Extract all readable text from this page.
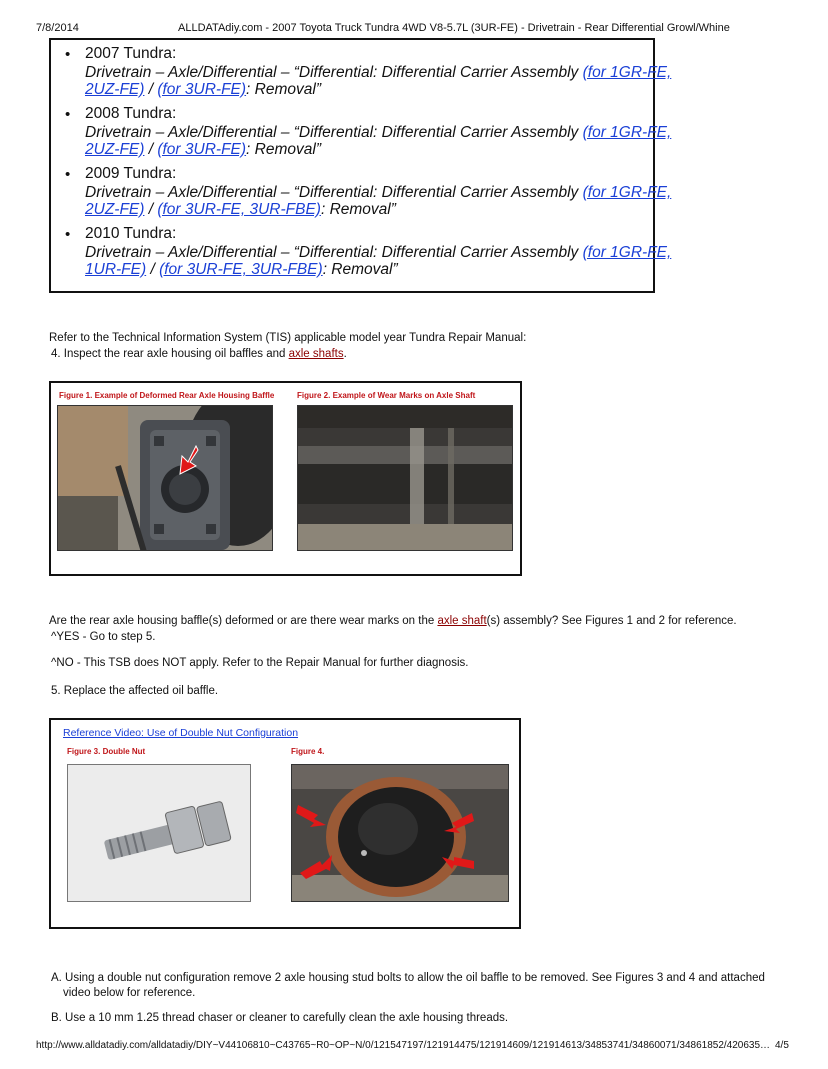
7/8/2014	ALLDATAdiy.com - 2007 Toyota Truck Tundra 4WD V8-5.7L (3UR-FE) - Drivetrain - Rear Differential Growl/Whine
• 2007 Tundra:
Drivetrain – Axle/Differential – “Differential: Differential Carrier Assembly (for 1GR-FE,
2UZ-FE) / (for 3UR-FE): Removal”
• 2008 Tundra:
Drivetrain – Axle/Differential – “Differential: Differential Carrier Assembly (for 1GR-FE,
2UZ-FE) / (for 3UR-FE): Removal”
• 2009 Tundra:
Drivetrain – Axle/Differential – “Differential: Differential Carrier Assembly (for 1GR-FE,
2UZ-FE) / (for 3UR-FE, 3UR-FBE): Removal”
• 2010 Tundra:
Drivetrain – Axle/Differential – “Differential: Differential Carrier Assembly (for 1GR-FE,
1UR-FE) / (for 3UR-FE, 3UR-FBE): Removal”
Refer to the Technical Information System (TIS) applicable model year Tundra Repair Manual:
4. Inspect the rear axle housing oil baffles and axle shafts.
Figure 1. Example of Deformed Rear Axle Housing Baffle	Figure 2. Example of Wear Marks on Axle Shaft
Are the rear axle housing baffle(s) deformed or are there wear marks on the axle shaft(s) assembly? See Figures 1 and 2 for reference.
^YES - Go to step 5.
^NO - This TSB does NOT apply. Refer to the Repair Manual for further diagnosis.
5. Replace the affected oil baffle.
Reference Video: Use of Double Nut Configuration
Figure 3. Double Nut	Figure 4.
A. Using a double nut configuration remove 2 axle housing stud bolts to allow the oil baffle to be removed. See Figures 3 and 4 and attached
video below for reference.
B. Use a 10 mm 1.25 thread chaser or cleaner to carefully clean the axle housing threads.
http://www.alldatadiy.com/alldatadiy/DIY~V44106810~C43765~R0~OP~N/0/121547197/121914475/121914609/121914613/34853741/34860071/34861852/420635… 4/5
